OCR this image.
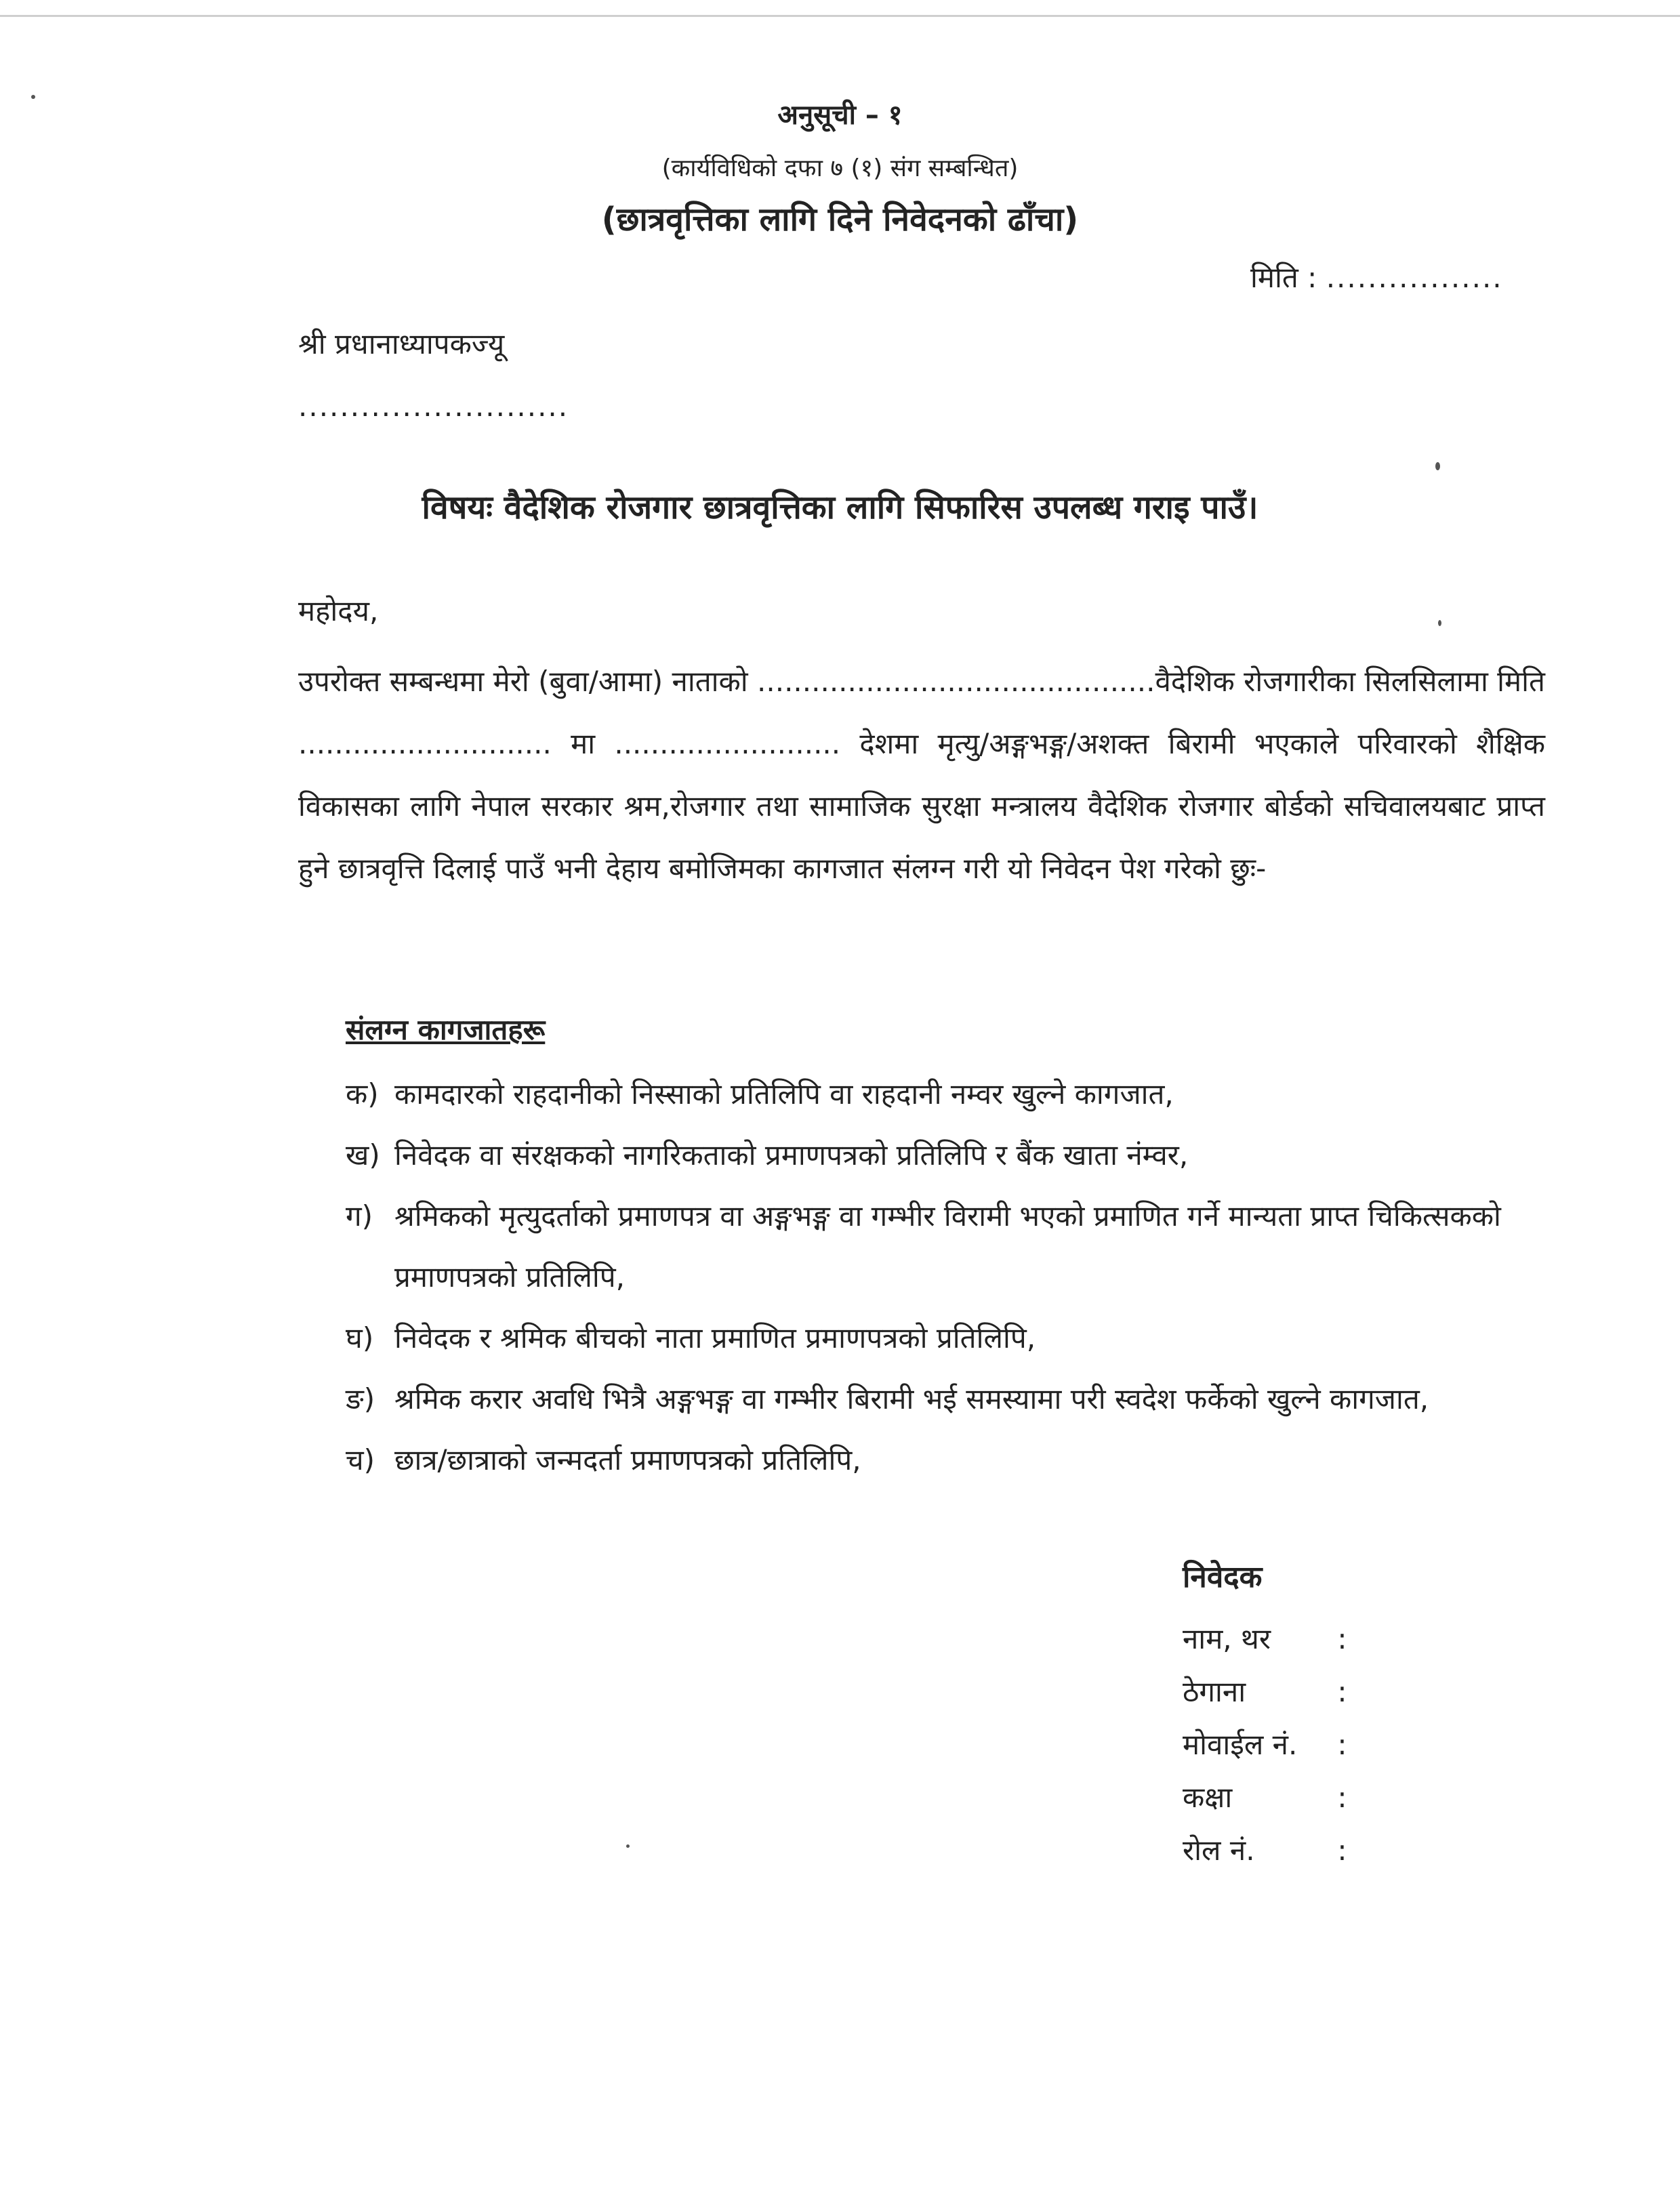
अनुसूची – १
(कार्यविधिको दफा ७ (१) संग सम्बन्धित)
(छात्रवृत्तिका लागि दिने निवेदनको ढाँचा)
मिति : .................
श्री प्रधानाध्यापकज्यू
..........................
विषयः वैदेशिक रोजगार छात्रवृत्तिका लागि सिफारिस उपलब्ध गराइ पाउँ।
महोदय,
उपरोक्त सम्बन्धमा मेरो (बुवा/आमा) नाताको ............................................वैदेशिक रोजगारीका सिलसिलामा मिति ............................ मा ......................... देशमा मृत्यु/अङ्गभङ्ग/अशक्त बिरामी भएकाले परिवारको शैक्षिक विकासका लागि नेपाल सरकार श्रम,रोजगार तथा सामाजिक सुरक्षा मन्त्रालय वैदेशिक रोजगार बोर्डको सचिवालयबाट प्राप्त हुने छात्रवृत्ति दिलाई पाउँ भनी देहाय बमोजिमका कागजात संलग्न गरी यो निवेदन पेश गरेको छुः-
संलग्न कागजातहरू
क) कामदारको राहदानीको निस्साको प्रतिलिपि वा राहदानी नम्वर खुल्ने कागजात,
ख) निवेदक वा संरक्षकको नागरिकताको प्रमाणपत्रको प्रतिलिपि र बैंक खाता नंम्वर,
ग) श्रमिकको मृत्युदर्ताको प्रमाणपत्र वा अङ्गभङ्ग वा गम्भीर विरामी भएको प्रमाणित गर्ने मान्यता प्राप्त चिकित्सकको प्रमाणपत्रको प्रतिलिपि,
घ) निवेदक र श्रमिक बीचको नाता प्रमाणित प्रमाणपत्रको प्रतिलिपि,
ङ) श्रमिक करार अवधि भित्रै अङ्गभङ्ग वा गम्भीर बिरामी भई समस्यामा परी स्वदेश फर्केको खुल्ने कागजात,
च) छात्र/छात्राको जन्मदर्ता प्रमाणपत्रको प्रतिलिपि,
निवेदक
नाम, थर :
ठेगाना	:
मोवाईल नं. :
कक्षा	:
रोल नं.	:
